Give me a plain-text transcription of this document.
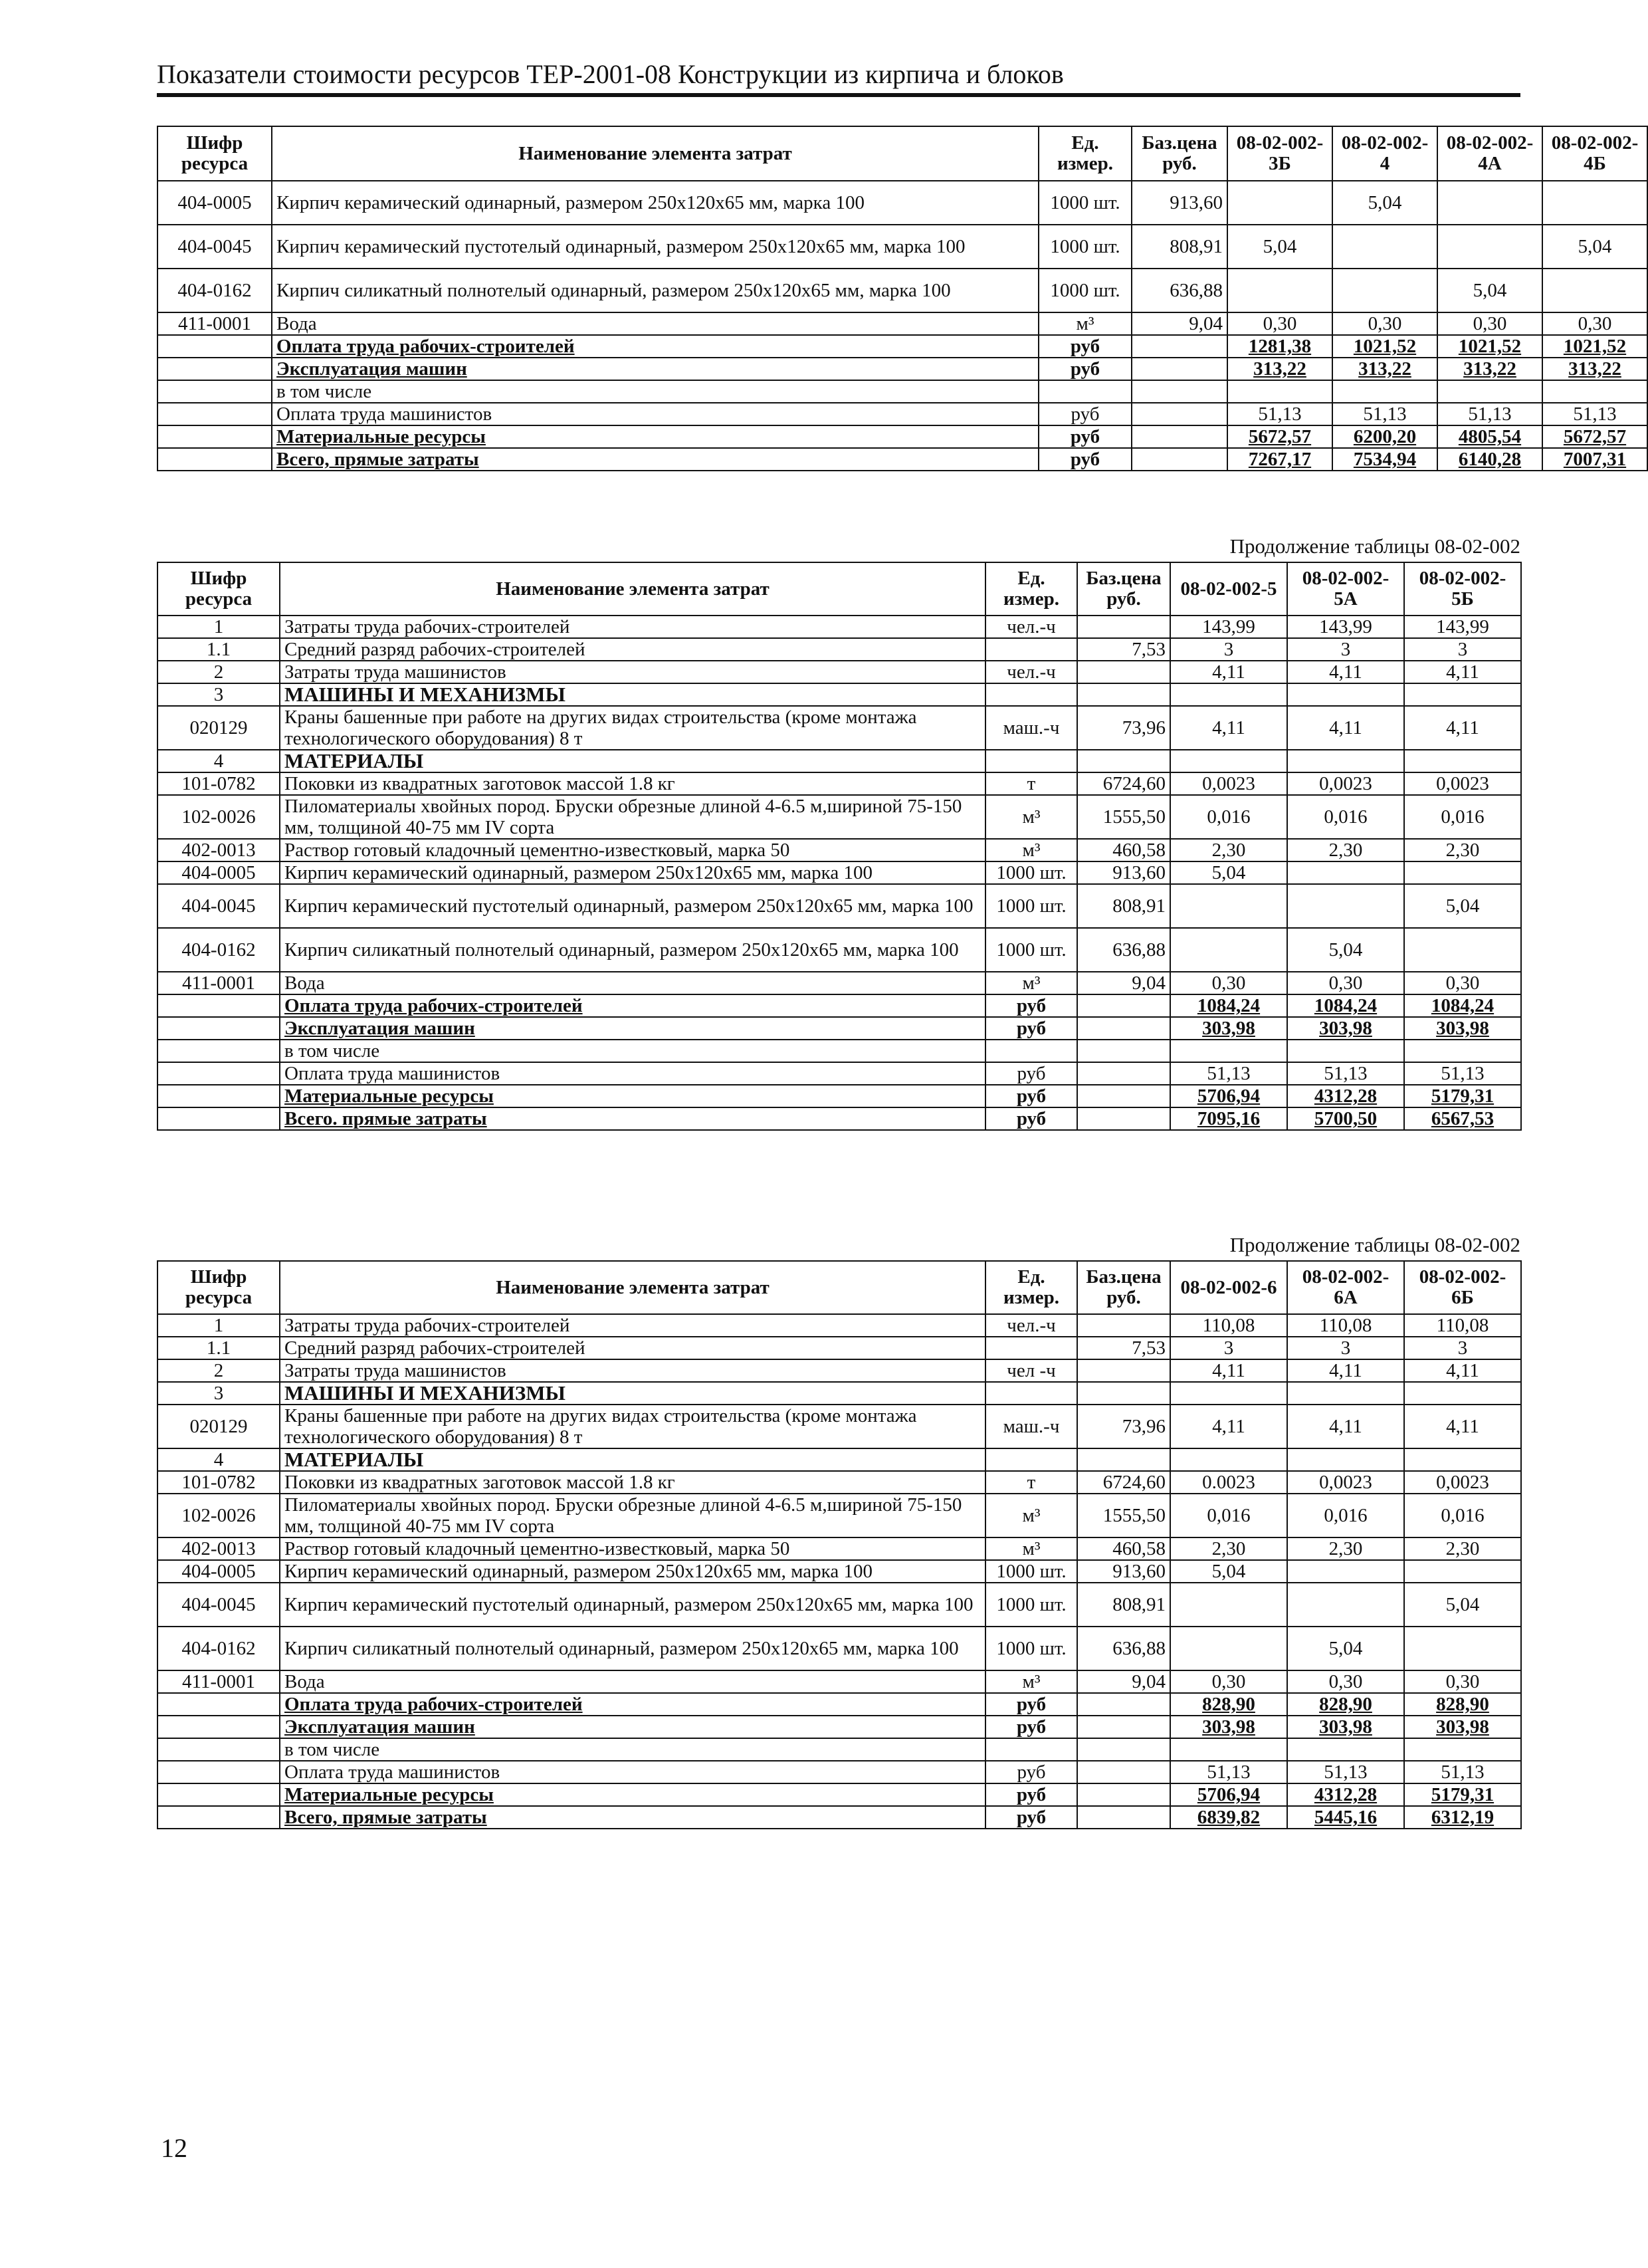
Показатели стоимости ресурсов ТЕР-2001-08 Конструкции из кирпича и блоков
Шифр ресурса	Наименование элемента затрат	Ед. измер.	Баз.цена руб.	08-02-002-3Б	08-02-002-4	08-02-002-4А	08-02-002-4Б
404-0005	Кирпич керамический одинарный, размером 250х120х65 мм, марка 100	1000 шт.	913,60		5,04		
404-0045	Кирпич керамический пустотелый одинарный, размером 250х120х65 мм, марка 100	1000 шт.	808,91	5,04			5,04
404-0162	Кирпич силикатный полнотелый одинарный, размером 250х120х65 мм, марка 100	1000 шт.	636,88			5,04	
411-0001	Вода	м³	9,04	0,30	0,30	0,30	0,30
	Оплата труда рабочих-строителей	руб		1281,38	1021,52	1021,52	1021,52
	Эксплуатация машин	руб		313,22	313,22	313,22	313,22
	в том числе						
	Оплата труда машинистов	руб		51,13	51,13	51,13	51,13
	Материальные ресурсы	руб		5672,57	6200,20	4805,54	5672,57
	Всего, прямые затраты	руб		7267,17	7534,94	6140,28	7007,31
Продолжение таблицы 08-02-002
Шифр ресурса	Наименование элемента затрат	Ед. измер.	Баз.цена руб.	08-02-002-5	08-02-002-5А	08-02-002-5Б
1	Затраты труда рабочих-строителей	чел.-ч		143,99	143,99	143,99
1.1	Средний разряд рабочих-строителей		7,53	3	3	3
2	Затраты труда машинистов	чел.-ч		4,11	4,11	4,11
3	МАШИНЫ И МЕХАНИЗМЫ					
020129	Краны башенные при работе на других видах строительства (кроме монтажа технологического оборудования) 8 т	маш.-ч	73,96	4,11	4,11	4,11
4	МАТЕРИАЛЫ					
101-0782	Поковки из квадратных заготовок массой 1.8 кг	т	6724,60	0,0023	0,0023	0,0023
102-0026	Пиломатериалы хвойных пород. Бруски обрезные длиной 4-6.5 м,шириной 75-150 мм, толщиной 40-75 мм IV сорта	м³	1555,50	0,016	0,016	0,016
402-0013	Раствор готовый кладочный цементно-известковый, марка 50	м³	460,58	2,30	2,30	2,30
404-0005	Кирпич керамический одинарный, размером 250х120х65 мм, марка 100	1000 шт.	913,60	5,04		
404-0045	Кирпич керамический пустотелый одинарный, размером 250х120х65 мм, марка 100	1000 шт.	808,91			5,04
404-0162	Кирпич силикатный полнотелый одинарный, размером 250х120х65 мм, марка 100	1000 шт.	636,88		5,04	
411-0001	Вода	м³	9,04	0,30	0,30	0,30
	Оплата труда рабочих-строителей	руб		1084,24	1084,24	1084,24
	Эксплуатация машин	руб		303,98	303,98	303,98
	в том числе					
	Оплата труда машинистов	руб		51,13	51,13	51,13
	Материальные ресурсы	руб		5706,94	4312,28	5179,31
	Всего. прямые затраты	руб		7095,16	5700,50	6567,53
Продолжение таблицы 08-02-002
Шифр ресурса	Наименование элемента затрат	Ед. измер.	Баз.цена руб.	08-02-002-6	08-02-002-6А	08-02-002-6Б
1	Затраты труда рабочих-строителей	чел.-ч		110,08	110,08	110,08
1.1	Средний разряд рабочих-строителей		7,53	3	3	3
2	Затраты труда машинистов	чел -ч		4,11	4,11	4,11
3	МАШИНЫ И МЕХАНИЗМЫ					
020129	Краны башенные при работе на других видах строительства (кроме монтажа технологического оборудования) 8 т	маш.-ч	73,96	4,11	4,11	4,11
4	МАТЕРИАЛЫ					
101-0782	Поковки из квадратных заготовок массой 1.8 кг	т	6724,60	0.0023	0,0023	0,0023
102-0026	Пиломатериалы хвойных пород. Бруски обрезные длиной 4-6.5 м,шириной 75-150 мм, толщиной 40-75 мм IV сорта	м³	1555,50	0,016	0,016	0,016
402-0013	Раствор готовый кладочный цементно-известковый, марка 50	м³	460,58	2,30	2,30	2,30
404-0005	Кирпич керамический одинарный, размером 250х120х65 мм, марка 100	1000 шт.	913,60	5,04		
404-0045	Кирпич керамический пустотелый одинарный, размером 250х120х65 мм, марка 100	1000 шт.	808,91			5,04
404-0162	Кирпич силикатный полнотелый одинарный, размером 250х120х65 мм, марка 100	1000 шт.	636,88		5,04	
411-0001	Вода	м³	9,04	0,30	0,30	0,30
	Оплата труда рабочих-строителей	руб		828,90	828,90	828,90
	Эксплуатация машин	руб		303,98	303,98	303,98
	в том числе					
	Оплата труда машинистов	руб		51,13	51,13	51,13
	Материальные ресурсы	руб		5706,94	4312,28	5179,31
	Всего, прямые затраты	руб		6839,82	5445,16	6312,19
12
